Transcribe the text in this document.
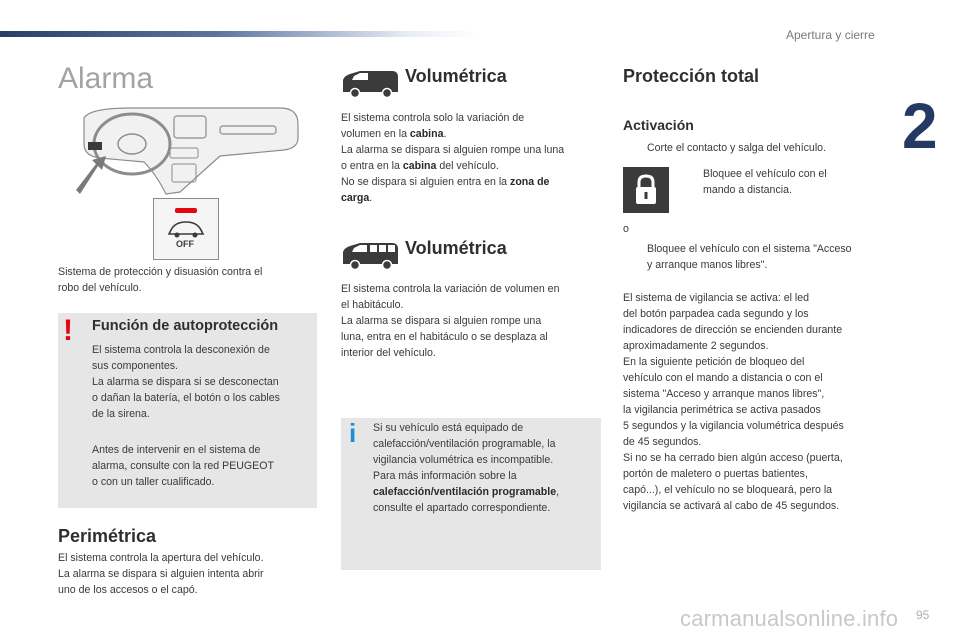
Apertura y cierre
2
Alarma
OFF
Sistema de protección y disuasión contra el
robo del vehículo.
! Función de autoprotección
El sistema controla la desconexión de
sus componentes.
La alarma se dispara si se desconectan
o dañan la batería, el botón o los cables
de la sirena.
Antes de intervenir en el sistema de
alarma, consulte con la red PEUGEOT
o con un taller cualificado.
Perimétrica
El sistema controla la apertura del vehículo.
La alarma se dispara si alguien intenta abrir
uno de los accesos o el capó.
Volumétrica
El sistema controla solo la variación de
volumen en la cabina.
La alarma se dispara si alguien rompe una luna
o entra en la cabina del vehículo.
No se dispara si alguien entra en la zona de
carga.
Volumétrica
El sistema controla la variación de volumen en
el habitáculo.
La alarma se dispara si alguien rompe una
luna, entra en el habitáculo o se desplaza al
interior del vehículo.
i Si su vehículo está equipado de
calefacción/ventilación programable, la
vigilancia volumétrica es incompatible.
Para más información sobre la
calefacción/ventilación programable,
consulte el apartado correspondiente.
Protección total
Activación
Corte el contacto y salga del vehículo.
Bloquee el vehículo con el
mando a distancia.
o
Bloquee el vehículo con el sistema "Acceso
y arranque manos libres".
El sistema de vigilancia se activa: el led
del botón parpadea cada segundo y los
indicadores de dirección se encienden durante
aproximadamente 2 segundos.
En la siguiente petición de bloqueo del
vehículo con el mando a distancia o con el
sistema "Acceso y arranque manos libres",
la vigilancia perimétrica se activa pasados
5 segundos y la vigilancia volumétrica después
de 45 segundos.
Si no se ha cerrado bien algún acceso (puerta,
portón de maletero o puertas batientes,
capó...), el vehículo no se bloqueará, pero la
vigilancia se activará al cabo de 45 segundos.
carmanualsonline.info 95
